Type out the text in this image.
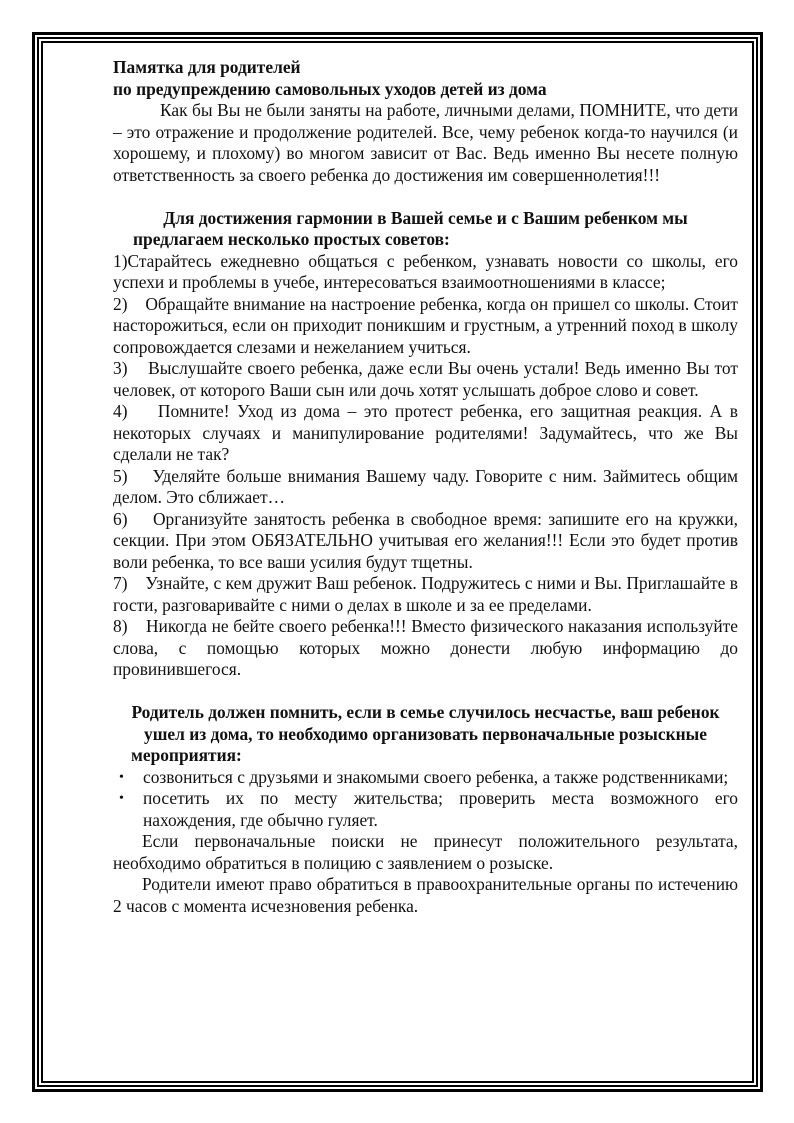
Памятка для родителей

по предупреждению самовольных уходов детей из дома

Как бы Вы не были заняты на работе, личными делами, ПОМНИТЕ, что дети – это отражение и продолжение родителей. Все, чему ребенок когда-то научился (и хорошему, и плохому) во многом зависит от Вас. Ведь именно Вы несете полную ответственность за своего ребенка до достижения им совершеннолетия!!!

Для достижения гармонии в Вашей семье и с Вашим ребенком мы предлагаем несколько простых советов:

1)Старайтесь ежедневно общаться с ребенком, узнавать новости со школы, его успехи и проблемы в учебе, интересоваться взаимоотношениями в классе;

2) Обращайте внимание на настроение ребенка, когда он пришел со школы. Стоит насторожиться, если он приходит поникшим и грустным, а утренний поход в школу сопровождается слезами и нежеланием учиться.

3) Выслушайте своего ребенка, даже если Вы очень устали! Ведь именно Вы тот человек, от которого Ваши сын или дочь хотят услышать доброе слово и совет.

4) Помните! Уход из дома – это протест ребенка, его защитная реакция. А в некоторых случаях и манипулирование родителями! Задумайтесь, что же Вы сделали не так?

5) Уделяйте больше внимания Вашему чаду. Говорите с ним. Займитесь общим делом. Это сближает…

6) Организуйте занятость ребенка в свободное время: запишите его на кружки, секции. При этом ОБЯЗАТЕЛЬНО учитывая его желания!!! Если это будет против воли ребенка, то все ваши усилия будут тщетны.

7) Узнайте, с кем дружит Ваш ребенок. Подружитесь с ними и Вы. Приглашайте в гости, разговаривайте с ними о делах в школе и за ее пределами.

8) Никогда не бейте своего ребенка!!! Вместо физического наказания используйте слова, с помощью которых можно донести любую информацию до провинившегося.

Родитель должен помнить, если в семье случилось несчастье, ваш ребенок ушел из дома, то необходимо организовать первоначальные розыскные мероприятия:

• созвониться с друзьями и знакомыми своего ребенка, а также родственниками;
• посетить их по месту жительства; проверить места возможного его нахождения, где обычно гуляет.

Если первоначальные поиски не принесут положительного результата, необходимо обратиться в полицию с заявлением о розыске.

Родители имеют право обратиться в правоохранительные органы по истечению 2 часов с момента исчезновения ребенка.
